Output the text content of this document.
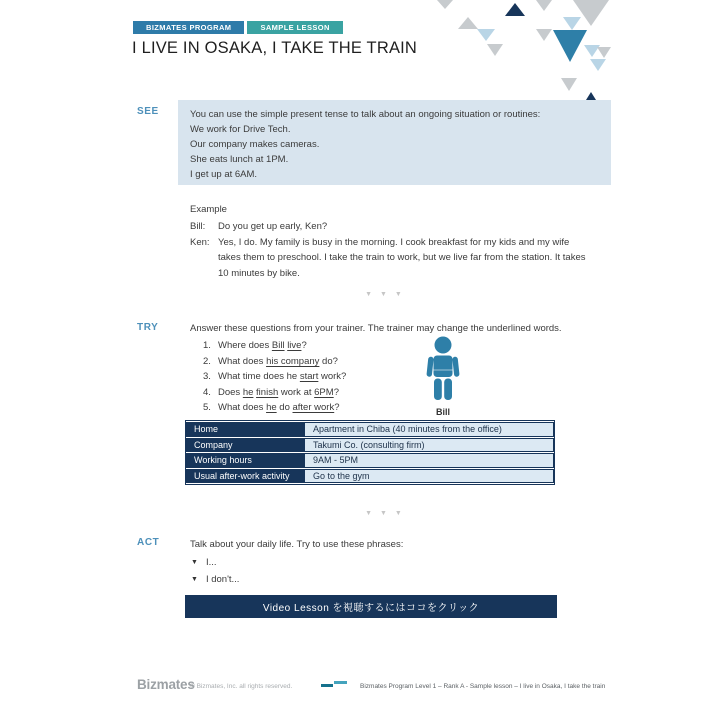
BIZMATES PROGRAM	SAMPLE LESSON
I LIVE IN OSAKA, I TAKE THE TRAIN
SEE	You can use the simple present tense to talk about an ongoing situation or routines:
We work for Drive Tech.
Our company makes cameras.
She eats lunch at 1PM.
I get up at 6AM.
Example
Bill:	Do you get up early, Ken?
Ken: Yes, I do. My family is busy in the morning. I cook breakfast for my kids and my wife takes them to preschool. I take the train to work, but we live far from the station. It takes 10 minutes by bike.
▼ ▼ ▼
TRY	Answer these questions from your trainer. The trainer may change the underlined words.
1. Where does Bill live?
2. What does his company do?
3. What time does he start work?
4. Does he finish work at 6PM?
5. What does he do after work?	Bill
Home	Apartment in Chiba (40 minutes from the office)
Company	Takumi Co. (consulting firm)
Working hours	9AM - 5PM
Usual after-work activity	Go to the gym
▼ ▼ ▼
ACT	Talk about your daily life. Try to use these phrases:
▼ I...
▼ I don't...
Video Lesson を視聴するにはココをクリック
Bizmates
© Bizmates, Inc. all rights reserved.	Bizmates Program Level 1 – Rank A - Sample lesson – I live in Osaka, I take the train
